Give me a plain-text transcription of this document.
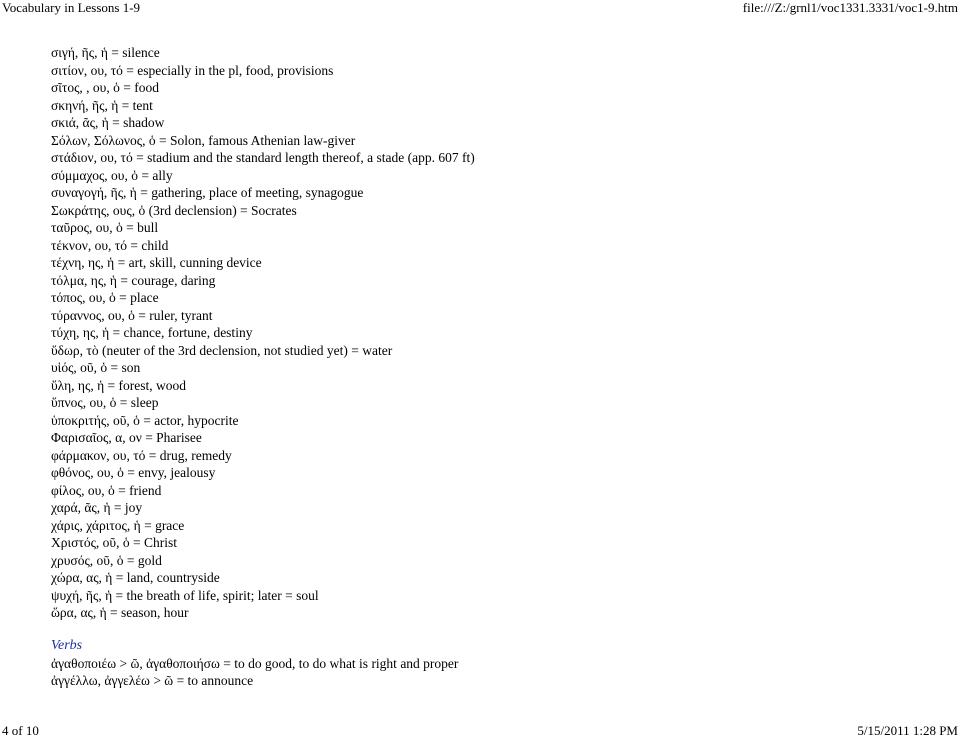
Vocabulary in Lessons 1-9	file:///Z:/grnl1/voc1331.3331/voc1-9.htm
σιγή, ῆς, ἡ = silence
σιτίον, ου, τό = especially in the pl, food, provisions
σῖτος, , ου, ὁ = food
σκηνή, ῆς, ἡ = tent
σκιά, ᾶς, ἡ = shadow
Σόλων, Σόλωνος, ὁ = Solon, famous Athenian law-giver
στάδιον, ου, τό = stadium and the standard length thereof, a stade (app. 607 ft)
σύμμαχος, ου, ὁ = ally
συναγογή, ῆς, ἡ = gathering, place of meeting, synagogue
Σωκράτης, ους, ὁ (3rd declension) = Socrates
ταῦρος, ου, ὁ = bull
τέκνον, ου, τό = child
τέχνη, ης, ἡ = art, skill, cunning device
τόλμα, ης, ἡ = courage, daring
τόπος, ου, ὁ = place
τύραννος, ου, ὁ = ruler, tyrant
τύχη, ης, ἡ = chance, fortune, destiny
ὕδωρ, τὸ (neuter of the 3rd declension, not studied yet) = water
υἱός, οῦ, ὁ = son
ὕλη, ης, ἡ = forest, wood
ὕπνος, ου, ὁ = sleep
ὑποκριτής, οῦ, ὁ = actor, hypocrite
Φαρισαῖος, α, ον = Pharisee
φάρμακον, ου, τό = drug, remedy
φθόνος, ου, ὁ = envy, jealousy
φίλος, ου, ὁ = friend
χαρά, ᾶς, ἡ = joy
χάρις, χάριτος, ἡ = grace
Χριστός, οῦ, ὁ = Christ
χρυσός, οῦ, ὁ = gold
χώρα, ας, ἡ = land, countryside
ψυχή, ῆς, ἡ = the breath of life, spirit; later = soul
ὥρα, ας, ἡ = season, hour
Verbs
ἀγαθοποιέω > ῶ, ἀγαθοποιήσω = to do good, to do what is right and proper
ἀγγέλλω, ἀγγελέω > ῶ = to announce
4 of 10	5/15/2011 1:28 PM
